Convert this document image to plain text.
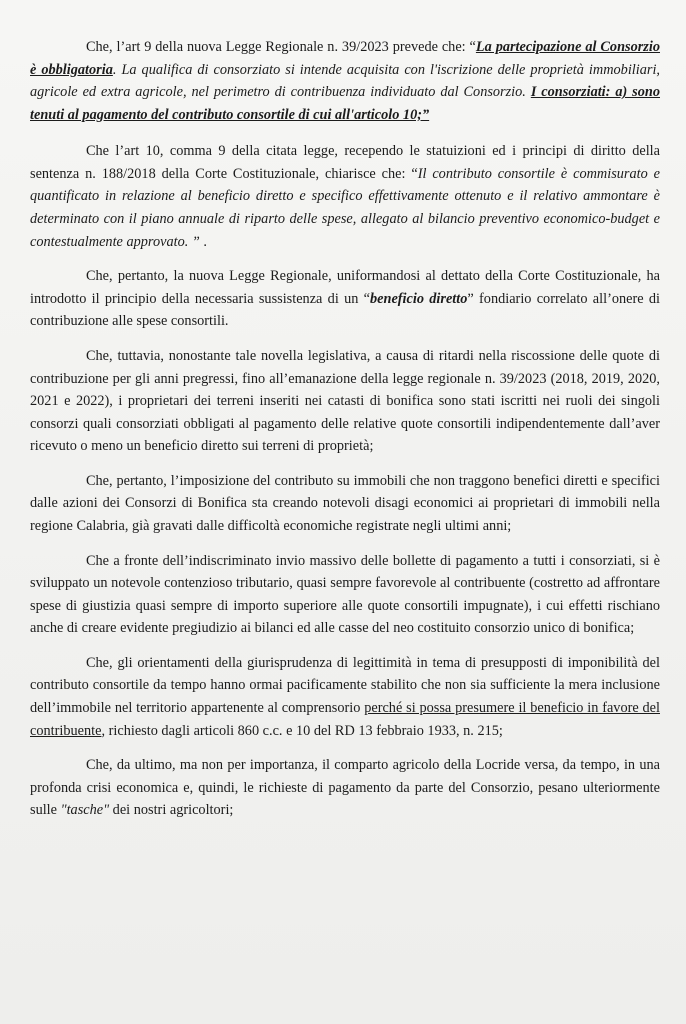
Che, l’art 9 della nuova Legge Regionale n. 39/2023 prevede che: “La partecipazione al Consorzio è obbligatoria. La qualifica di consorziato si intende acquisita con l'iscrizione delle proprietà immobiliari, agricole ed extra agricole, nel perimetro di contribuenza individuato dal Consorzio. I consorziati: a) sono tenuti al pagamento del contributo consortile di cui all'articolo 10;”

Che l’art 10, comma 9 della citata legge, recependo le statuizioni ed i principi di diritto della sentenza n. 188/2018 della Corte Costituzionale, chiarisce che: “Il contributo consortile è commisurato e quantificato in relazione al beneficio diretto e specifico effettivamente ottenuto e il relativo ammontare è determinato con il piano annuale di riparto delle spese, allegato al bilancio preventivo economico-budget e contestualmente approvato. ” .

Che, pertanto, la nuova Legge Regionale, uniformandosi al dettato della Corte Costituzionale, ha introdotto il principio della necessaria sussistenza di un “beneficio diretto” fondiario correlato all’onere di contribuzione alle spese consortili.

Che, tuttavia, nonostante tale novella legislativa, a causa di ritardi nella riscossione delle quote di contribuzione per gli anni pregressi, fino all’emanazione della legge regionale n. 39/2023 (2018, 2019, 2020, 2021 e 2022), i proprietari dei terreni inseriti nei catasti di bonifica sono stati iscritti nei ruoli dei singoli consorzi quali consorziati obbligati al pagamento delle relative quote consortili indipendentemente dall’aver ricevuto o meno un beneficio diretto sui terreni di proprietà;

Che, pertanto, l’imposizione del contributo su immobili che non traggono benefici diretti e specifici dalle azioni dei Consorzi di Bonifica sta creando notevoli disagi economici ai proprietari di immobili nella regione Calabria, già gravati dalle difficoltà economiche registrate negli ultimi anni;

Che a fronte dell’indiscriminato invio massivo delle bollette di pagamento a tutti i consorziati, si è sviluppato un notevole contenzioso tributario, quasi sempre favorevole al contribuente (costretto ad affrontare spese di giustizia quasi sempre di importo superiore alle quote consortili impugnate), i cui effetti rischiano anche di creare evidente pregiudizio ai bilanci ed alle casse del neo costituito consorzio unico di bonifica;

Che, gli orientamenti della giurisprudenza di legittimità in tema di presupposti di imponibilità del contributo consortile da tempo hanno ormai pacificamente stabilito che non sia sufficiente la mera inclusione dell’immobile nel territorio appartenente al comprensorio perché si possa presumere il beneficio in favore del contribuente, richiesto dagli articoli 860 c.c. e 10 del RD 13 febbraio 1933, n. 215;

Che, da ultimo, ma non per importanza, il comparto agricolo della Locride versa, da tempo, in una profonda crisi economica e, quindi, le richieste di pagamento da parte del Consorzio, pesano ulteriormente sulle "tasche" dei nostri agricoltori;
